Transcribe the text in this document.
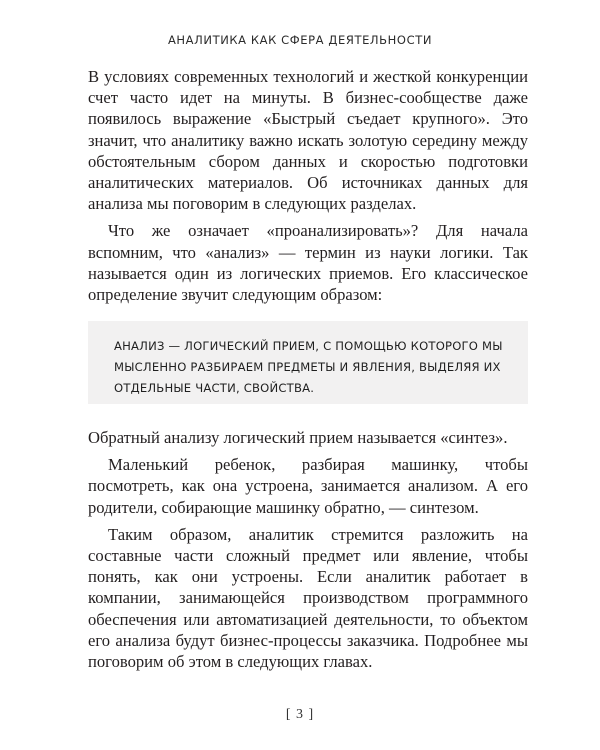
АНАЛИТИКА КАК СФЕРА ДЕЯТЕЛЬНОСТИ

В условиях современных технологий и жесткой конкуренции счет часто идет на минуты. В бизнес-сообществе даже появилось выражение «Быстрый съедает крупного». Это значит, что аналитику важно искать золотую середину между обстоятельным сбором данных и скоростью подготовки аналитических материалов. Об источниках данных для анализа мы поговорим в следующих разделах.

Что же означает «проанализировать»? Для начала вспомним, что «анализ» — термин из науки логики. Так называется один из логических приемов. Его классическое определение звучит следующим образом:

АНАЛИЗ — ЛОГИЧЕСКИЙ ПРИЕМ, С ПОМОЩЬЮ КОТОРОГО МЫ МЫСЛЕННО РАЗБИРАЕМ ПРЕДМЕТЫ И ЯВЛЕНИЯ, ВЫДЕЛЯЯ ИХ ОТДЕЛЬНЫЕ ЧАСТИ, СВОЙСТВА.

Обратный анализу логический прием называется «синтез».

Маленький ребенок, разбирая машинку, чтобы посмотреть, как она устроена, занимается анализом. А его родители, собирающие машинку обратно, — синтезом.

Таким образом, аналитик стремится разложить на составные части сложный предмет или явление, чтобы понять, как они устроены. Если аналитик работает в компании, занимающейся производством программного обеспечения или автоматизацией деятельности, то объектом его анализа будут бизнес-процессы заказчика. Подробнее мы поговорим об этом в следующих главах.

[ 3 ]
